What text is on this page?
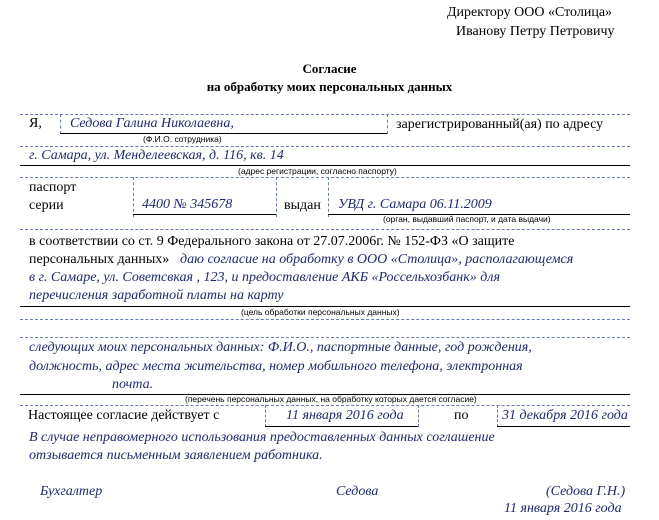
Директору ООО «Столица»
Иванову Петру Петровичу
Согласие
на обработку моих персональных данных
Я, Седова Галина Николаевна,	зарегистрированный(ая) по адресу
(Ф.И.О. сотрудника)
г. Самара, ул. Менделеевская, д. 116, кв. 14
(адрес регистрации, согласно паспорту)
паспорт
серии	4400 № 345678	выдан УВД г. Самара 06.11.2009
(орган, выдавший паспорт, и дата выдачи)
в соответствии со ст. 9 Федерального закона от 27.07.2006г. № 152-ФЗ «О защите
персональных данных» даю согласие на обработку в ООО «Столица», располагающемся
в г. Самаре, ул. Советсвкая , 123, и предоставление АКБ «Россельхозбанк» для
перечисления заработной платы на карту
(цель обработки персональных данных)
следующих моих персональных данных: Ф.И.О., паспортные данные, год рождения,
должность, адрес места жительства, номер мобильного телефона, электронная
почта.
(перечень персональных данных, на обработку которых дается согласие)
Настоящее согласие действует с	11 января 2016 года	по 31 декабря 2016 года
В случае неправомерного использования предоставленных данных соглашение
отзывается письменным заявлением работника.
Бухгалтер	Седова	(Седова Г.Н.)
11 января 2016 года
